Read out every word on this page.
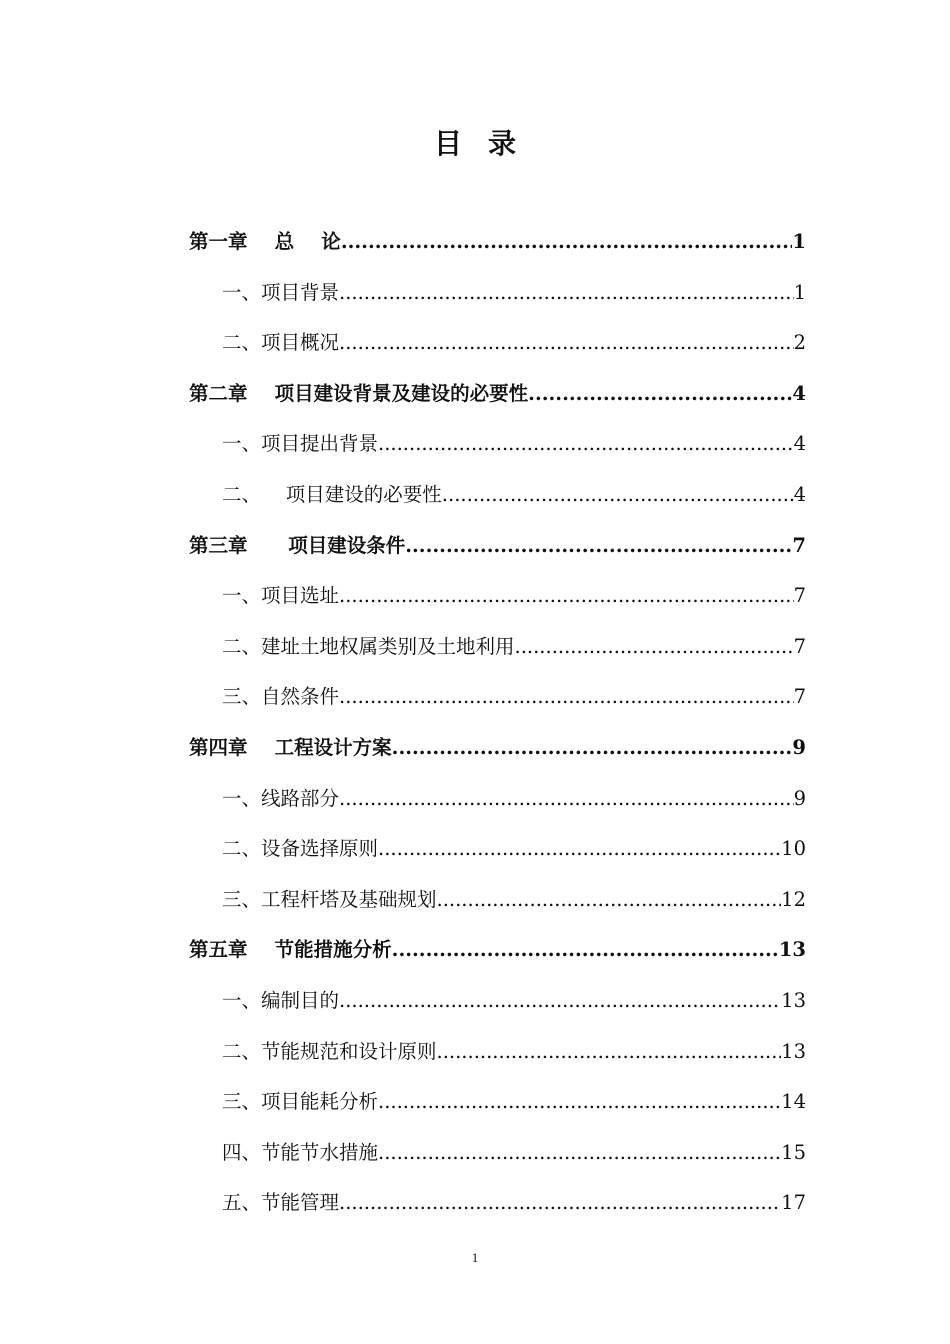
目录
第一章    总    论 .....	1
一、项目背景 .....	1
二、项目概况 .....	2
第二章    项目建设背景及建设的必要性 .....	4
一、项目提出背景 .....	4
二、    项目建设的必要性 .....	4
第三章      项目建设条件 .....	7
一、项目选址 .....	7
二、建址土地权属类别及土地利用 .....	7
三、自然条件 .....	7
第四章    工程设计方案 .....	9
一、线路部分 .....	9
二、设备选择原则 .....	10
三、工程杆塔及基础规划 .....	12
第五章    节能措施分析 .....	13
一、编制目的 .....	13
二、节能规范和设计原则 .....	13
三、项目能耗分析 .....	14
四、节能节水措施 .....	15
五、节能管理 .....	17
1
